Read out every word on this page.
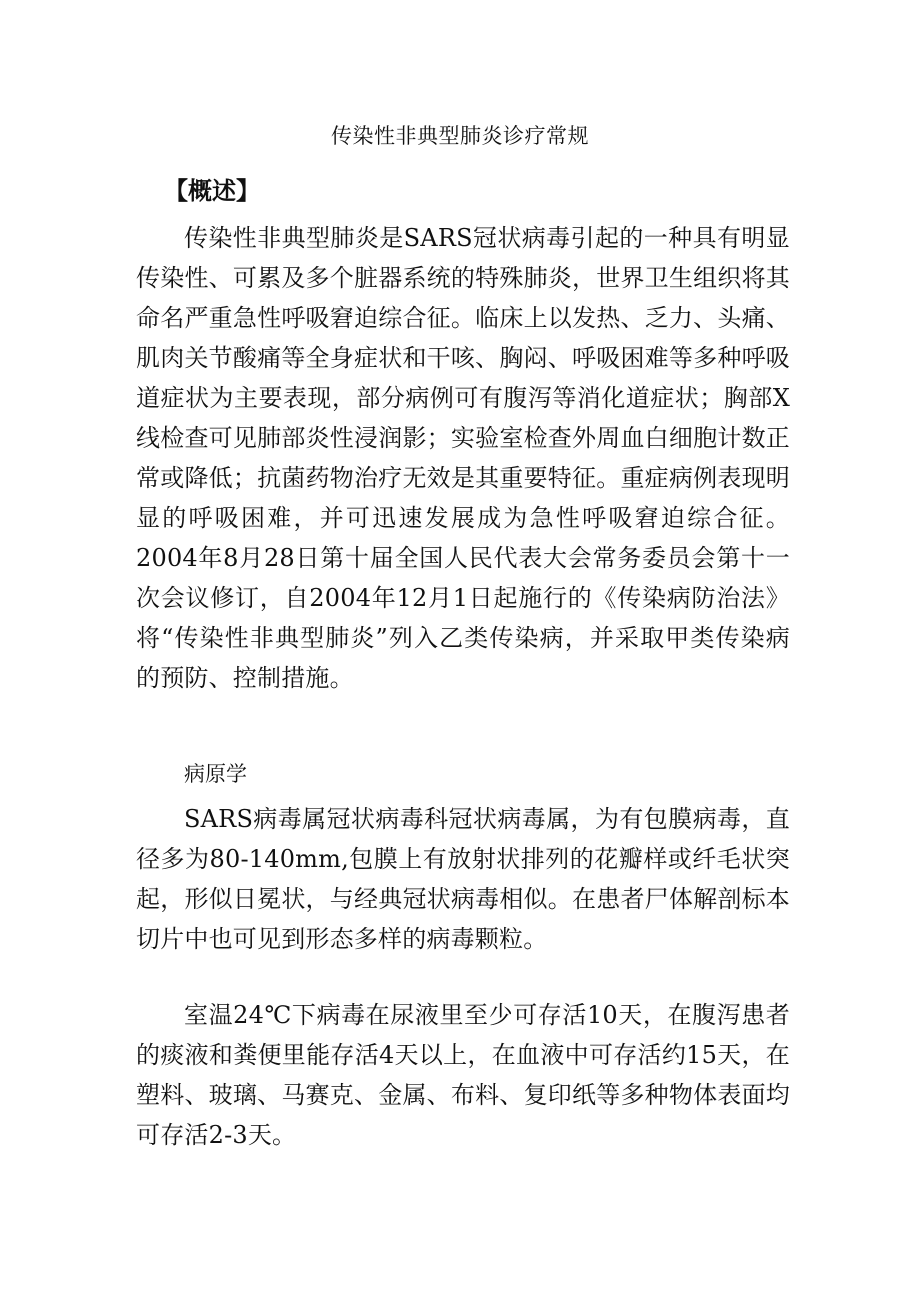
传染性非典型肺炎诊疗常规
【概述】

传染性非典型肺炎是SARS冠状病毒引起的一种具有明显传染性、可累及多个脏器系统的特殊肺炎，世界卫生组织将其命名严重急性呼吸窘迫综合征。临床上以发热、乏力、头痛、肌肉关节酸痛等全身症状和干咳、胸闷、呼吸困难等多种呼吸道症状为主要表现，部分病例可有腹泻等消化道症状；胸部X线检查可见肺部炎性浸润影；实验室检查外周血白细胞计数正常或降低；抗菌药物治疗无效是其重要特征。重症病例表现明显的呼吸困难，并可迅速发展成为急性呼吸窘迫综合征。2004年8月28日第十届全国人民代表大会常务委员会第十一次会议修订，自2004年12月1日起施行的《传染病防治法》将“传染性非典型肺炎”列入乙类传染病，并采取甲类传染病的预防、控制措施。

病原学

SARS病毒属冠状病毒科冠状病毒属，为有包膜病毒，直径多为80-140mm,包膜上有放射状排列的花瓣样或纤毛状突起，形似日冕状，与经典冠状病毒相似。在患者尸体解剖标本切片中也可见到形态多样的病毒颗粒。

室温24℃下病毒在尿液里至少可存活10天，在腹泻患者的痰液和粪便里能存活4天以上，在血液中可存活约15天，在塑料、玻璃、马赛克、金属、布料、复印纸等多种物体表面均可存活2-3天。
